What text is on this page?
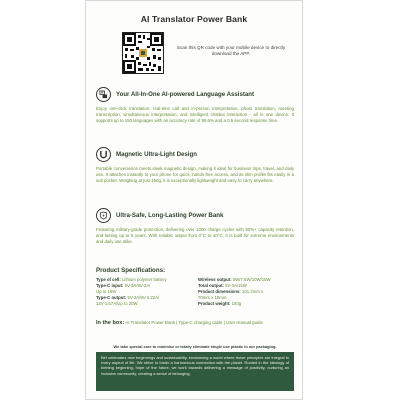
AI Translator Power Bank
Scan this QR code with your mobile device to directly download the APP.
Your All-In-One AI-powered Language Assistant
Enjoy one-click translation, real-time call and in-person interpretation, photo translation, meeting transcription, simultaneous interpretation, and intelligent chatbot interaction - all in one device. It supports up to 150 languages with an accuracy rate of 98.6% and a 0.5 second response time.
Magnetic Ultra-Light Design
Portable convenience meets sleek magnetic design, making it ideal for business trips, travel, and daily use. It attaches instantly to your phone for quick, hands-free access, and its slim profile fits easily in a suit pocket. Weighing at just 150g, it is exceptionally lightweight and easy to carry anywhere.
Ultra-Safe, Long-Lasting Power Bank
Featuring military-grade protection, delivering over 1000 charge cycles with 80%+ capacity retention, and lasting up to 5 years. With reliable output from 0°C to 40°C, it is built for extreme environments and daily use alike.
Product Specifications:
Type of cell: Lithium polymer battery
Type-C input: 5V-3A/9V-2A/
Up to 18W
Type-C output: 5V-3A/9V-2.22A/
12V-1.67A/Up to 20W
Wireless output: 5W/7.5W/10W/15W
Total output: 5V-3A/15W
Product dimensions: 101.2mm x
70mm x 10mm
Product weight: 150g
In the box: AI Translator Power Bank | Type-C charging cable | User manual guide
We take special care to minimise or totally eliminate single use plastic in our packaging.
Birf celebrates new beginnings and sustainability, envisioning a world where these principles are integral to every aspect of life. We strive to foster a harmonious connection with the planet. Rooted in the ideology of birthing beginning, hope of the future, we work towards delivering a message of positivity, nurturing an inclusive community, creating a sense of belonging.
